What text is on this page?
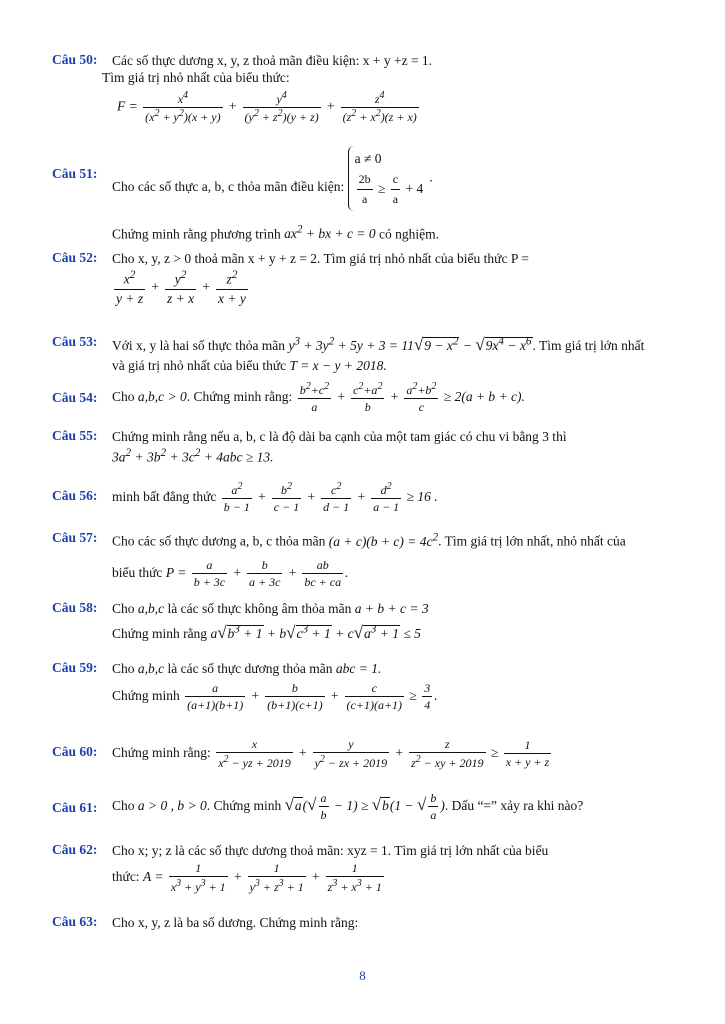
Câu 50: Các số thực dương x, y, z thoả mãn điều kiện: x + y +z = 1.
Tìm giá trị nhỏ nhất của biểu thức:
$F = \frac{x^4}{(x^2 + y^2)(x + y)} + \frac{y^4}{(y^2 + z^2)(y + z)} + \frac{z^4}{(z^2 + x^2)(z + x)}$
Câu 51:
Cho các số thực a, b, c thỏa mãn điều kiện: a ≠ 0

$\frac{2b}{a} \ge \frac{c}{a} + 4$.
Chứng minh rằng phương trình $ax^2$ + bx + c = 0 có nghiệm.
Câu 52: Cho x, y, z > 0 thoả mãn x + y + z = 2. Tìm giá trị nhỏ nhất của biểu thức P =
$\frac{x^2}{y + z} + \frac{y^2}{z + x} + \frac{z^2}{x + y}$
Câu 53: Với x, y là hai số thực thỏa mãn $y^3 + 3y^2 + 5y + 3 = 11√9 - x^2 - √9x^4 - x^6$. Tìm giá trị lớn nhất
và giá trị nhỏ nhất của biểu thức T = x − y + 2018.
Câu 54: Cho a,b,c > 0. Chứng minh rằng: $\frac{b^2+c^2}{a} + \frac{c^2+a^2}{b} + \frac{a^2+b^2}{c} \ge 2(a + b + c)$.
Câu 55: Chứng minh rằng nếu a, b, c là độ dài ba cạnh của một tam giác có chu vi bằng 3 thì
$3a^2 + 3b^2 + 3c^2 + 4abc \ge 13$.
Câu 56: minh bất đẳng thức $\frac{a^2}{b - 1} + \frac{b^2}{c - 1} + \frac{c^2}{d - 1} + \frac{d^2}{a - 1} \ge 16$ .
Câu 57: Cho các số thực dương a, b, c thỏa mãn $(a + c)(b + c) = 4c^2$. Tìm giá trị lớn nhất, nhỏ nhất của
biểu thức $P = \frac{a}{b + 3c} + \frac{b}{a + 3c} + \frac{ab}{bc + ca}$ .
Câu 58: Cho a,b,c là các số thực không âm thỏa mãn a + b + c = 3
Chứng minh rằng $a√b^3 + 1 + b√c^3 + 1 + c√a^3 + 1 \le 5$
Câu 59: Cho a,b,c là các số thực dương thỏa mãn abc = 1.
Chứng minh $\frac{a}{(a+1)(b+1)} + \frac{b}{(b+1)(c+1)} + \frac{c}{(c+1)(a+1)} \ge \frac{3}{4}$ .
Câu 60: Chứng minh rằng: $\frac{x}{x^2 - yz + 2019} + \frac{y}{y^2 - zx + 2019} + \frac{z}{z^2 - xy + 2019} \ge \frac{1}{x + y + z}$
Câu 61: Cho a > 0 , b > 0. Chứng minh $√a(√ \frac{a}{b} - 1) \ge √b(1$ − √ $\frac{b}{a}$ ). Dấu “=” xảy ra khi nào?
Câu 62: Cho x; y; z là các số thực dương thoả mãn: xyz = 1. Tìm giá trị lớn nhất của biểu
thức: $A = \frac{1}{x^3 + y^3 + 1} + \frac{1}{y^3 + z^3 + 1} + \frac{1}{z^3 + x^3 + 1}$
Câu 63: Cho x, y, z là ba số dương. Chứng minh rằng:
8
